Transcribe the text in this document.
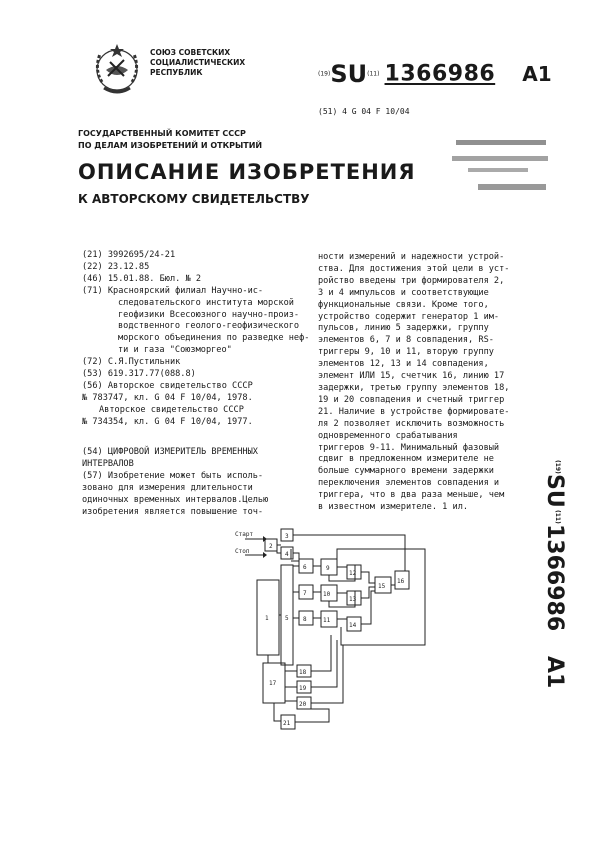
СОЮЗ СОВЕТСКИХ
СОЦИАЛИСТИЧЕСКИХ
РЕСПУБЛИК	(19)SU(11) 1366986 A1
(51) 4 G 04 F 10/04
ГОСУДАРСТВЕННЫЙ КОМИТЕТ СССР
ПО ДЕЛАМ ИЗОБРЕТЕНИЙ И ОТКРЫТИЙ
ОПИСАНИЕ ИЗОБРЕТЕНИЯ
К АВТОРСКОМУ СВИДЕТЕЛЬСТВУ
(21) 3992695/24-21
(22) 23.12.85
(46) 15.01.88. Бюл. № 2
(71) Красноярский филиал Научно-ис-
следовательского института морской
геофизики Всесоюзного научно-произ-
водственного геолого-геофизического
морского объединения по разведке неф-
ти и газа "Союзморгео"
(72) С.Я.Пустильник
(53) 619.317.77(088.8)
(56) Авторское свидетельство СССР
№ 783747, кл. G 04 F 10/04, 1978.
Авторское свидетельство СССР
№ 734354, кл. G 04 F 10/04, 1977.
(54) ЦИФРОВОЙ ИЗМЕРИТЕЛЬ ВРЕМЕННЫХ
ИНТЕРВАЛОВ
(57) Изобретение может быть исполь-
зовано для измерения длительности
одиночных временных интервалов.Целью
изобретения является повышение точ-
ности измерений и надежности устрой-
ства. Для достижения этой цели в уст-
ройство введены три формирователя 2,
3 и 4 импульсов и соответствующие
функциональные связи. Кроме того,
устройство содержит генератор 1 им-
пульсов, линию 5 задержки, группу
элементов 6, 7 и 8 совпадения, RS-
триггеры 9, 10 и 11, вторую группу
элементов 12, 13 и 14 совпадения,
элемент ИЛИ 15, счетчик 16, линию 17
задержки, третью группу элементов 18,
19 и 20 совпадения и счетный триггер
21. Наличие в устройстве формировате-
ля 2 позволяет исключить возможность
одновременного срабатывания
триггеров 9-11. Минимальный фазовый
сдвиг в предложенном измерителе не
больше суммарного времени задержки
переключения элементов совпадения и
триггера, что в два раза меньше, чем
в известном измерителе. 1 ил.
(19)
SU
(11)
1366986
A1
Старт
Стоп
1
2
3
4
5
6
7
8
9
10
11
12
13
14
15
16
17
18
19
20
21
